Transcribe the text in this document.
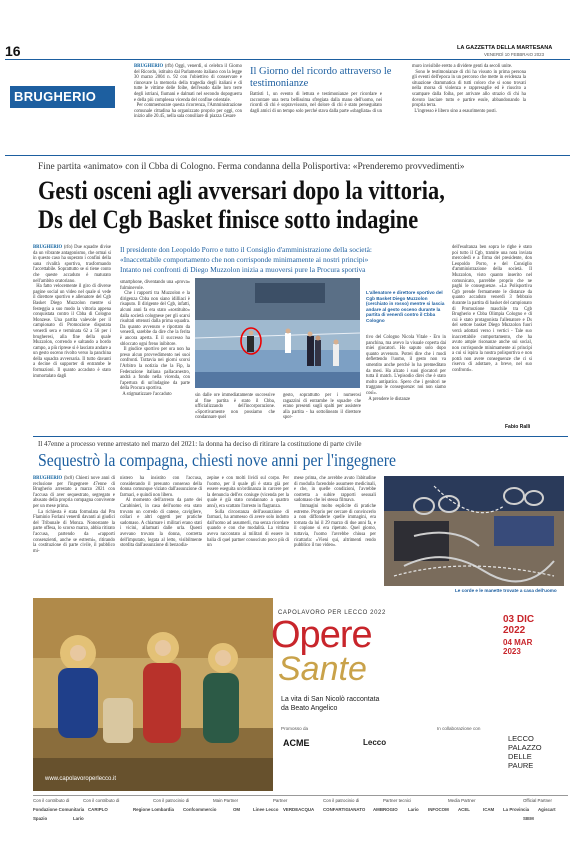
16	LA GAZZETTA DELLA MARTESANA
VENERDÌ 10 FEBBRAIO 2023
BRUGHERIO
BRUGHERIO (rfb) Oggi, venerdì, si celebra il Giorno del Ricordo, istituito dal Parlamento italiano con la legge 30 marzo 2004 n. 92 con l'obiettivo di conservare e rinnovare la memoria della tragedia degli italiani e di tutte le vittime delle foibe, dell'esodo dalle loro terre degli istriani, fiumani e dalmati nel secondo dopoguerra e della più complessa vicenda del confine orientale.
Per commemorare questa ricorrenza, l'Amministrazione comunale cittadina ha organizzato proprio per oggi, con inizio alle 20.45, nella sala consiliare di piazza Cesare
Il Giorno del ricordo attraverso le testimonianze
Battisti 1, un evento di lettura e testimonianze per ricordare e raccontare una terra bellissima sfregiata dalla mano dell'uomo, nei ricordi di chi è sopravvissuto, nel dolore di chi è stato perseguitato dagli amici di un tempo solo perché stava dalla parte «sbagliata» di un
muro invisibile eretto a dividere genti da secoli unite.
Sono le testimonianze di chi ha vissuto in prima persona gli eventi dell'epoca in un percorso che mette in evidenza la situazione drammatica di tutti coloro che si sono trovati nella morsa di violenza e rappresaglie ed è riuscito a scampare dalla foiba, per arrivare allo strazio di chi ha dovuto lasciare tutto e partire esule, abbandonando la propria terra.
L'ingresso è libero sino a esaurimento posti.
Fine partita «animato» con il Cbba di Cologno. Ferma condanna della Polisportiva: «Prenderemo provvedimenti»
Gesti osceni agli avversari dopo la vittoria,
Ds del Cgb Basket finisce sotto indagine
BRUGHERIO (rfo) Due squadre divise da un vibrante antagonismo, che ormai si in questo caso ha superato i confini della sana rivalità sportiva, trasformando l'accettabile. Soprattutto se si tiene conto che queste accaduto è maturato nell'ambito oratoriano.
Ha fatto velocemente il giro di diverse pagine social un video nel quale si vede il direttore sportivo e allenatore del Cgb Basket Diego Muzzolon mentre si festeggia a suo modo la vittoria appena conquistata contro il Cbba di Cologno Monzese. Una partita valevole per il campionato di Promozione disputata venerdì sera e terminata 62 a 56 per i brugheresi, alla fine della quale Muzzolon, correndo e saltando a bordo campo, a più riprese si è lasciato andare a un gesto osceno rivolto verso la panchina della squadra avversaria. Il tutto davanti a decine di supporter di entrambe le formazioni. Il quanto accaduto è stato immortalato dagli
Il presidente don Leopoldo Porro e tutto il Consiglio d'amministrazione della società:
«Inaccettabile comportamento che non corrisponde minimamente ai nostri principi»
Intanto nei confronti di Diego Muzzolon inizia a muoversi pure la Procura sportiva
smartphone, diventando una «prova» fulminevole.
Che i rapporti tra Muzzolon e la dirigenza Cbba non siano idilliaci è risaputo. Il dirigente del Cgb, infatti, alcuni anni fa era stato «sostituito» dalla società colognese per gli scarsi risultati ottenuti dalla prima squadra. Da quanto avvenuto e riportato da venerdì, sarebbe da dire che la ferita è ancora aperta. E il successo ha sbloccato ogni freno inibitore.
Il giudice sportivo per ora non ha preso alcun provvedimento nei suoi confronti. Tuttavia nei giorni scorsi l'Arbitro la notizia che la Fip, la Federazione italiana pallacanestro, andrà a fondo nella vicenda, con l'apertura di un'indagine da parte della Procura sportiva.
A stigmatizzare l'accaduto
L'allenatore e direttore sportivo del Cgb Basket Diego Muzzolon (cerchiato in rosso) mentre si lascia andare al gesto osceno durante la partita di venerdì contro il Cbba Cologno
sin dalle ore immediatamente successive al fine partita è stato il Cbba, ufficializzando dell'incorporazione. «Sportivamente non possiamo che condannare quel
gesto, soprattutto per i numerosi ragazzini di entrambe le squadre che erano presenti sugli spalti per assistere alla partita - ha sottolineato il direttore spor-
tivo del Cologno Nicola Vitale - Ero in panchina, ma avevo la visuale coperta dai miei giocatori. Ho saputo solo dopo quanto avvenuto. Potrei dire che i modi deflettendo l'uomo, il gesto non va smentito anche perché lo ha premeditato da mesi. Ha alzato i suoi giocatori per tutta il match. L'episodio direi che è stato molto antipatico. Spero che i genitori ne traggano le conseguenze: noi non siamo così».
A prendere le distanze
dell'esultanza ben sopra le righe è stato poi tutto il Cgb, tramite una nota inviata mercoledì e a firma del presidente, don Leopoldo Porro, e del Consiglio d'amministrazione della società. Il Muzzolon, visto quanto inserito nel comunicato, parrebbe proprio che ne paghi le conseguenze. «La Polisportiva Cgb prende fermamente le distanze da quanto accaduto venerdì 3 febbraio durante la partita di basket del campionato di Promozione maschile tra Cgb Brugherio e Cbba Olimpia Cologno e di cui è stato protagonista l'allenatore e Ds del settore basket Diego Muzzolon fuori verrà adottati verso i vertici - Tale suo inaccettabile comportamento, che ha avuto ampie risonanze anche sui social, non corrisponde minimamente ai principi a cui si ispira la nostra polisportiva e non potrà non avere conseguenze che ci si riserva di adottare, a breve, nel suo confronti».
Fabio Ralli
Il 47enne a processo venne arrestato nel marzo del 2021: la donna ha deciso di ritirare la costituzione di parte civile
Sequestrò la compagna, chiesti nove anni per l'ingegnere
BRUGHERIO (bc8) Chiesti nove anni di reclusione per l'ingegnere 47enne di Brugherio arrestato a marzo 2021 con l'accusa di aver sequestrato, segregato e abusato della propria compagna convivente per un mese prima.
La richiesta è stata formulata dal Pm Flaminio Forlani venerdì davanti ai giudici del Tribunale di Monza. Nonostante la parte offesa, lo scorso marzo, abbia ritirato l'accusa, partendo da «rapporti consenzienti, anche se estremi», ritirando la costituzione di parte civile, il pubblico mi-
nistero ha insistito con l'accusa, considerando il presunto consenso della donna comunque viziato dall'assunzione di farmaci, e quindi non libero.
Al momento dell'arresto da parte dei Carabinieri, in casa dell'uomo era stato trovato un corredo di catene, cavigliere, collari e altri oggetti per pratiche sadomaso. A chiamare i militari erano stati i vicini, allarmati dalle urla. Questi avevano trovato la donna, costretta dell'imputato, legata al letto, visibilmente stordita dall'assunzione di benzodia-
zepine e con molti lividi sul corpo. Per l'uomo, per il quale gli è stata già per essere eseguita un'ordinanza in carcere per la denuncia dell'ex coniuge (vicenda per la quale è già stato condannato a quattro anni), era scattato l'arresto in flagranza.
Sulla circostanza dell'assunzione di farmaci, ha ammesso di avere solo indotto dall'uomo ad assumerli, ma senza ricordare quando e con che modalità. La vittima aveva raccontato ai militari di essere in balia di quel partner conosciuto poco più di un
mese prima, che avrebbe avuto l'abitudine di modulla facendole assumere medicinali, e che, in quelle condizioni, l'avrebbe costretta a subire rapporti sessuali sadomaso che lei stessa filmava.
Immagini molto esplicite di pratiche estreme. Proprio per cercare di convincerlo a non diffonderle quelle immagini, era tornata da lui il 29 marzo di due anni fa, e il copione si era ripetuto. Quel giorno, tuttavia, l'uomo l'avrebbe chiusa per ricattarla: «Vieni qui, altrimenti rendo pubblico il tuo video».
Le corde e le manette trovate a casa dell'uomo
www.capolavoroperlecco.it
CAPOLAVORO PER LECCO 2022
Opere
Sante
La vita di San Nicolò raccontata
da Beato Angelico
03 DIC
2022
04 MAR
2023
Promosso da	In collaborazione con
ACME	Lecco	LECCO
PALAZZO
DELLE
PAURE
Con il contributo di	Con il contributo di	Con il patrocinio di	Main Partner	Partner	Con il patrocinio di	Partner tecnici	Media Partner	Official Partner
Fondazione Comunitaria CARIPLO	Regione Lombardia Confcommercio	OM	Linee Lecco VERDEACQUA CONFARTIGIANATO AMBROGIO Lario INFOCOM ACEL	ICAM La Provincia
Spazio	Lario	SIEM
Agiscart
